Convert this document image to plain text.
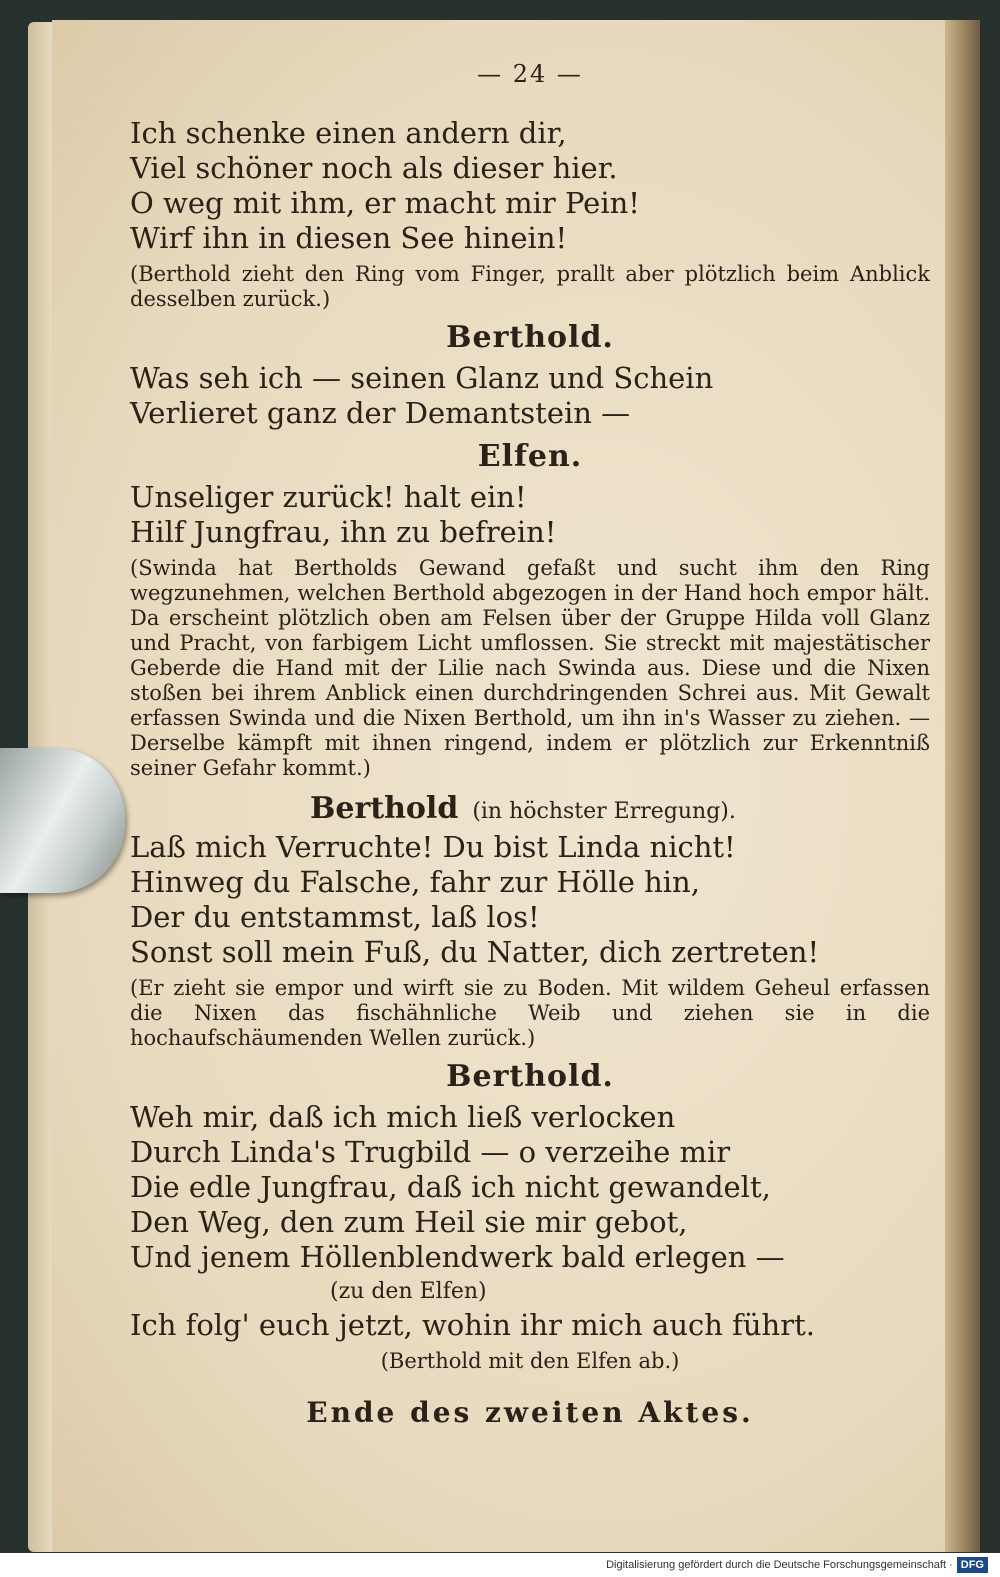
— 24 —

Ich schenke einen andern dir,

Viel schöner noch als dieser hier.

O weg mit ihm, er macht mir Pein!

Wirf ihn in diesen See hinein!

(Berthold zieht den Ring vom Finger, prallt aber plötzlich beim Anblick desselben zurück.)

Berthold.

Was seh ich — seinen Glanz und Schein

Verlieret ganz der Demantstein —

Elfen.

Unseliger zurück! halt ein!

Hilf Jungfrau, ihn zu befrein!

(Swinda hat Bertholds Gewand gefaßt und sucht ihm den Ring wegzunehmen, welchen Berthold abgezogen in der Hand hoch empor hält. Da erscheint plötzlich oben am Felsen über der Gruppe Hilda voll Glanz und Pracht, von farbigem Licht umflossen. Sie streckt mit majestätischer Geberde die Hand mit der Lilie nach Swinda aus. Diese und die Nixen stoßen bei ihrem Anblick einen durchdringenden Schrei aus. Mit Gewalt erfassen Swinda und die Nixen Berthold, um ihn in's Wasser zu ziehen. — Derselbe kämpft mit ihnen ringend, indem er plötzlich zur Erkenntniß seiner Gefahr kommt.)

Berthold (in höchster Erregung).

Laß mich Verruchte! Du bist Linda nicht!

Hinweg du Falsche, fahr zur Hölle hin,

Der du entstammst, laß los!

Sonst soll mein Fuß, du Natter, dich zertreten!

(Er zieht sie empor und wirft sie zu Boden. Mit wildem Geheul erfassen die Nixen das fischähnliche Weib und ziehen sie in die hochaufschäumenden Wellen zurück.)

Berthold.

Weh mir, daß ich mich ließ verlocken

Durch Linda's Trugbild — o verzeihe mir

Die edle Jungfrau, daß ich nicht gewandelt,

Den Weg, den zum Heil sie mir gebot,

Und jenem Höllenblendwerk bald erlegen —

(zu den Elfen)

Ich folg' euch jetzt, wohin ihr mich auch führt.

(Berthold mit den Elfen ab.)

Ende des zweiten Aktes.

Digitalisierung gefördert durch die Deutsche Forschungsgemeinschaft · DFG
